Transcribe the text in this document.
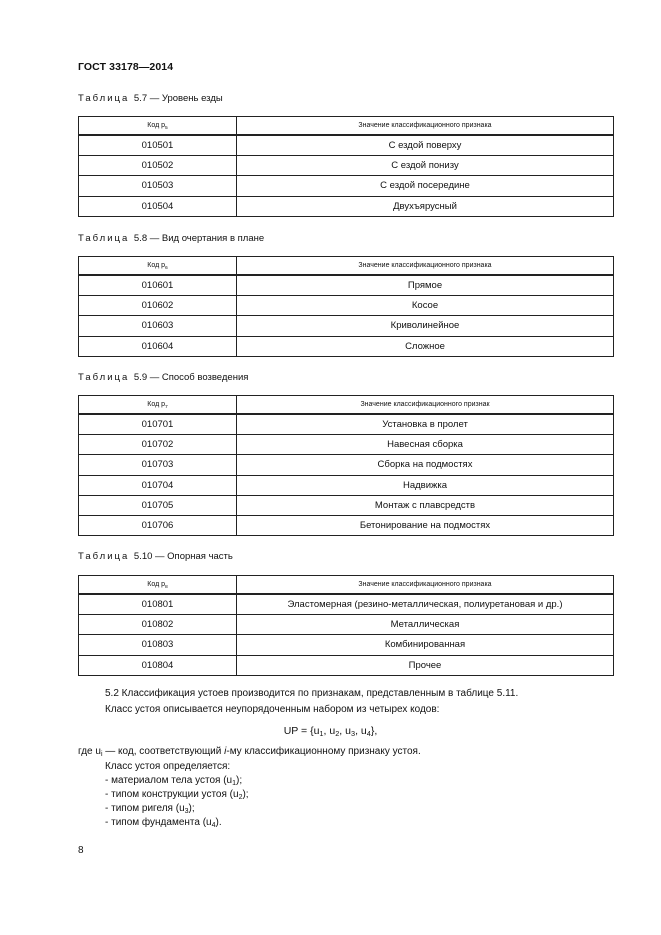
ГОСТ 33178—2014
Таблица 5.7 — Уровень езды
Код $р_5$	Значение классификационного признака
010501	С ездой поверху
010502	С ездой понизу
010503	С ездой посередине
010504	Двухъярусный
Таблица 5.8 — Вид очертания в плане
Код $р_6$	Значение классификационного признака
010601	Прямое
010602	Косое
010603	Криволинейное
010604	Сложное
Таблица 5.9 — Способ возведения
Код $р_7$	Значение классификационного признак
010701	Установка в пролет
010702	Навесная сборка
010703	Сборка на подмостях
010704	Надвижка
010705	Монтаж с плавсредств
010706	Бетонирование на подмостях
Таблица 5.10 — Опорная часть
Код $р_8$	Значение классификационного признака
010801	Эластомерная (резино-металлическая, полиуретановая и др.)
010802	Металлическая
010803	Комбинированная
010804	Прочее
5.2 Классификация устоев производится по признакам, представленным в таблице 5.11.
Класс устоя описывается неупорядоченным набором из четырех кодов:
UP = {$u_1$, $u_2$, $u_3$, $u_4$},
где $u_i$ — код, соответствующий i-му классификационному признаку устоя.
Класс устоя определяется:
- материалом тела устоя $(u_1)$;
- типом конструкции устоя $(u_2)$;
- типом ригеля $(u_3)$;
- типом фундамента $(u_4)$.
8
